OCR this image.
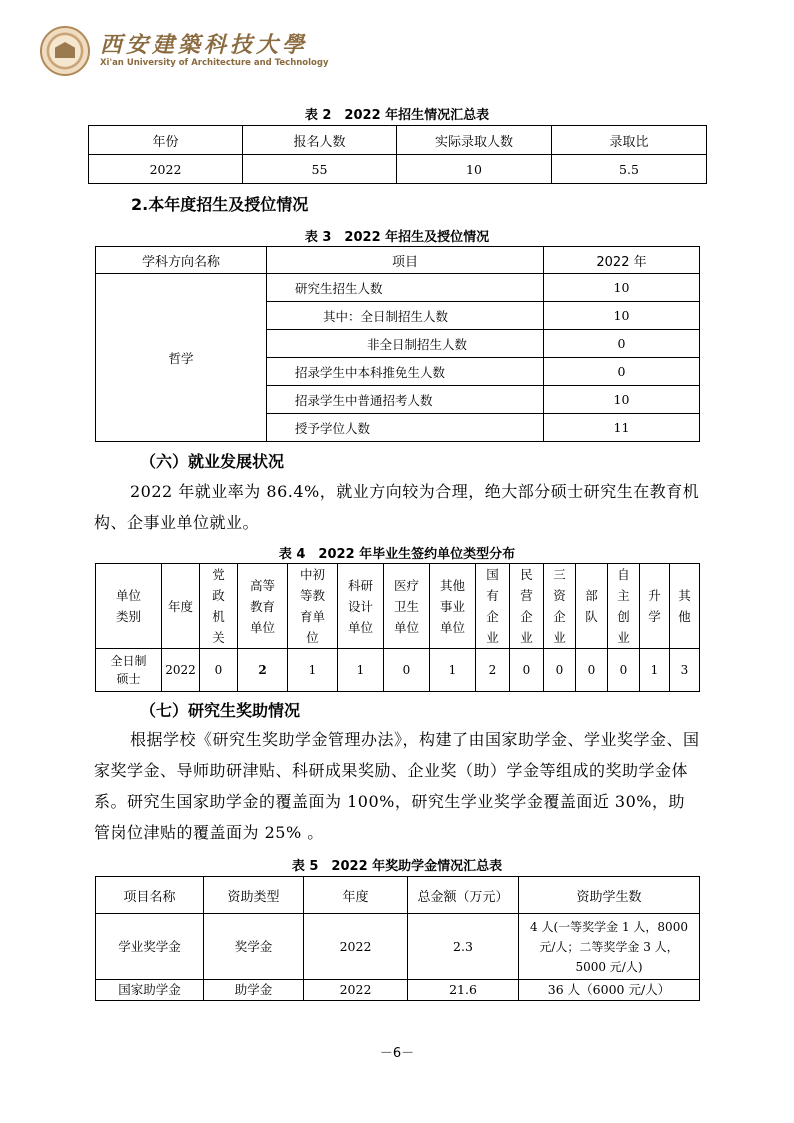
西安建築科技大學
Xi'an University of Architecture and Technology
表 2　2022 年招生情况汇总表
年份	报名人数	实际录取人数	录取比
2022	55	10	5.5
2.本年度招生及授位情况
表 3　2022 年招生及授位情况
学科方向名称	项目	2022 年
哲学	研究生招生人数	10
	其中：全日制招生人数	10
	非全日制招生人数	0
	招录学生中本科推免生人数	0
	招录学生中普通招考人数	10
	授予学位人数	11
（六）就业发展状况
2022 年就业率为 86.4%，就业方向较为合理，绝大部分硕士研究生在教育机构、企事业单位就业。
表 4　2022 年毕业生签约单位类型分布
单位类别	年度	党政机关	高等教育单位	中初等教育单位	科研设计单位	医疗卫生单位	其他事业单位	国有企业	民营企业	三资企业	部队	自主创业	升学	其他
全日制硕士	2022	0	2	1	1	0	1	2	0	0	0	0	1	3
（七）研究生奖助情况
根据学校《研究生奖助学金管理办法》，构建了由国家助学金、学业奖学金、国家奖学金、导师助研津贴、科研成果奖励、企业奖（助）学金等组成的奖助学金体系。研究生国家助学金的覆盖面为 100%，研究生学业奖学金覆盖面近 30%，助管岗位津贴的覆盖面为 25% 。
表 5　2022 年奖助学金情况汇总表
项目名称	资助类型	年度	总金额（万元）	资助学生数
学业奖学金	奖学金	2022	2.3	4 人(一等奖学金 1 人，8000 元/人；二等奖学金 3 人，5000 元/人)
国家助学金	助学金	2022	21.6	36 人（6000 元/人）
－6－
